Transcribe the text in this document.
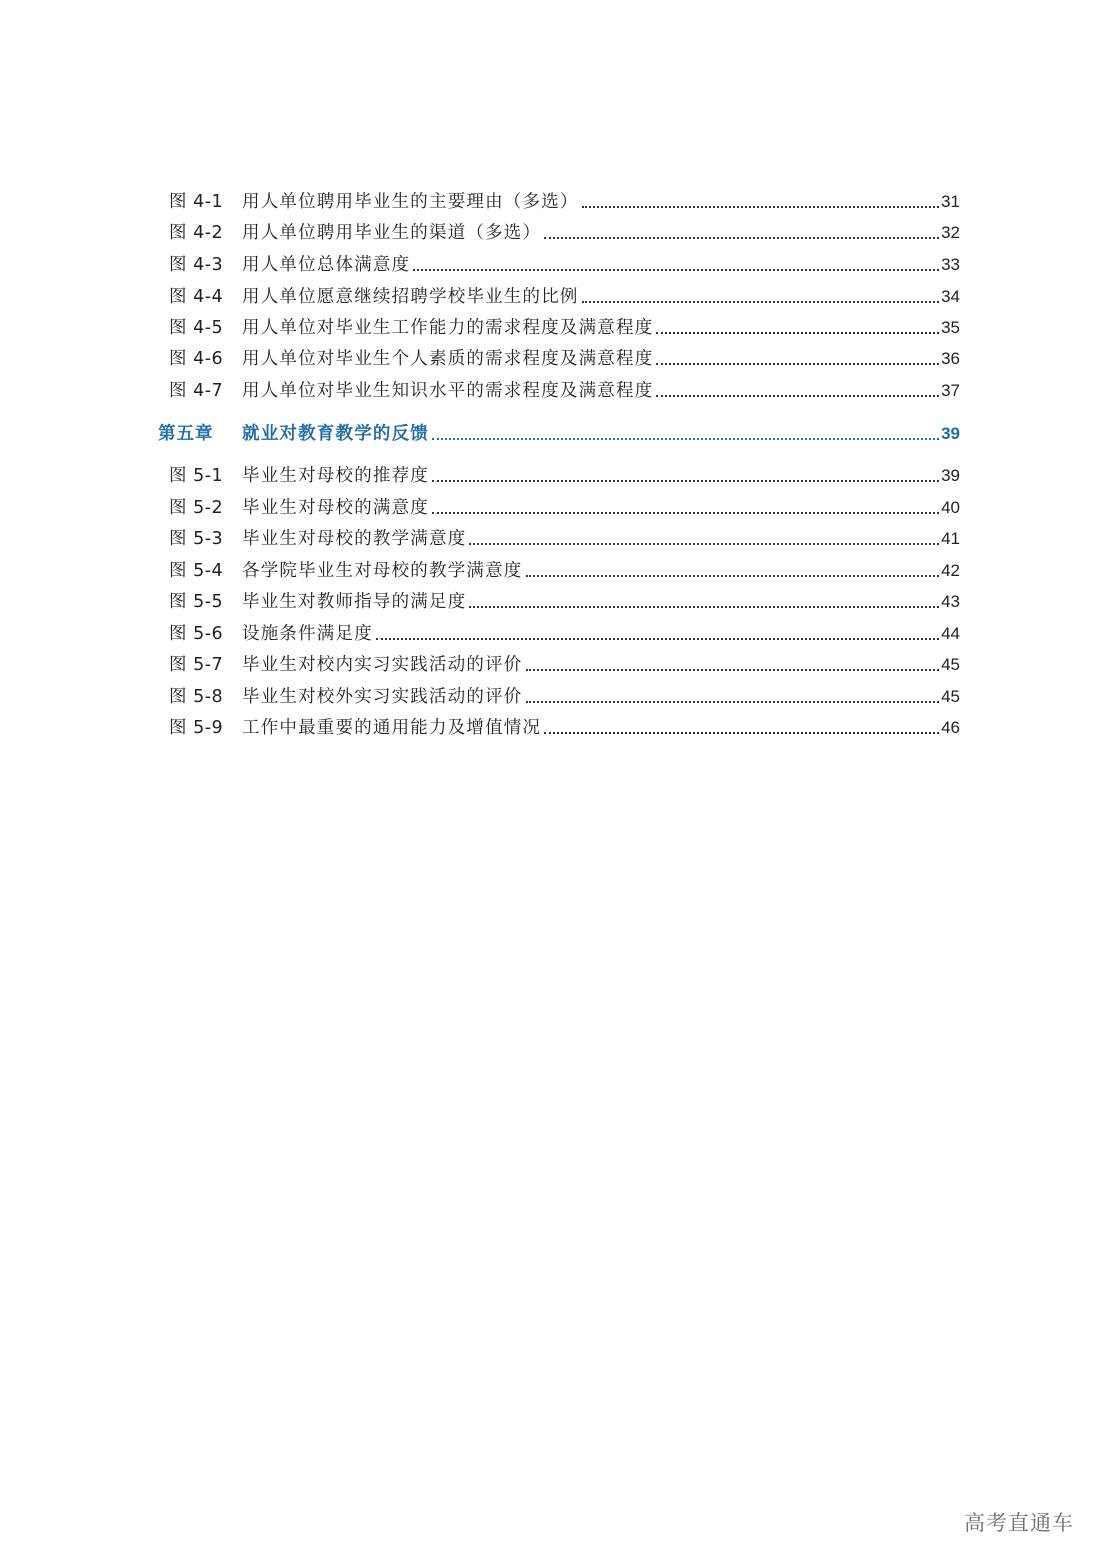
图 4-1	用人单位聘用毕业生的主要理由（多选）	31
图 4-2	用人单位聘用毕业生的渠道（多选）	32
图 4-3	用人单位总体满意度	33
图 4-4	用人单位愿意继续招聘学校毕业生的比例	34
图 4-5	用人单位对毕业生工作能力的需求程度及满意程度	35
图 4-6	用人单位对毕业生个人素质的需求程度及满意程度	36
图 4-7	用人单位对毕业生知识水平的需求程度及满意程度	37
第五章	就业对教育教学的反馈	39
图 5-1	毕业生对母校的推荐度	39
图 5-2	毕业生对母校的满意度	40
图 5-3	毕业生对母校的教学满意度	41
图 5-4	各学院毕业生对母校的教学满意度	42
图 5-5	毕业生对教师指导的满足度	43
图 5-6	设施条件满足度	44
图 5-7	毕业生对校内实习实践活动的评价	45
图 5-8	毕业生对校外实习实践活动的评价	45
图 5-9	工作中最重要的通用能力及增值情况	46
高考直通车
